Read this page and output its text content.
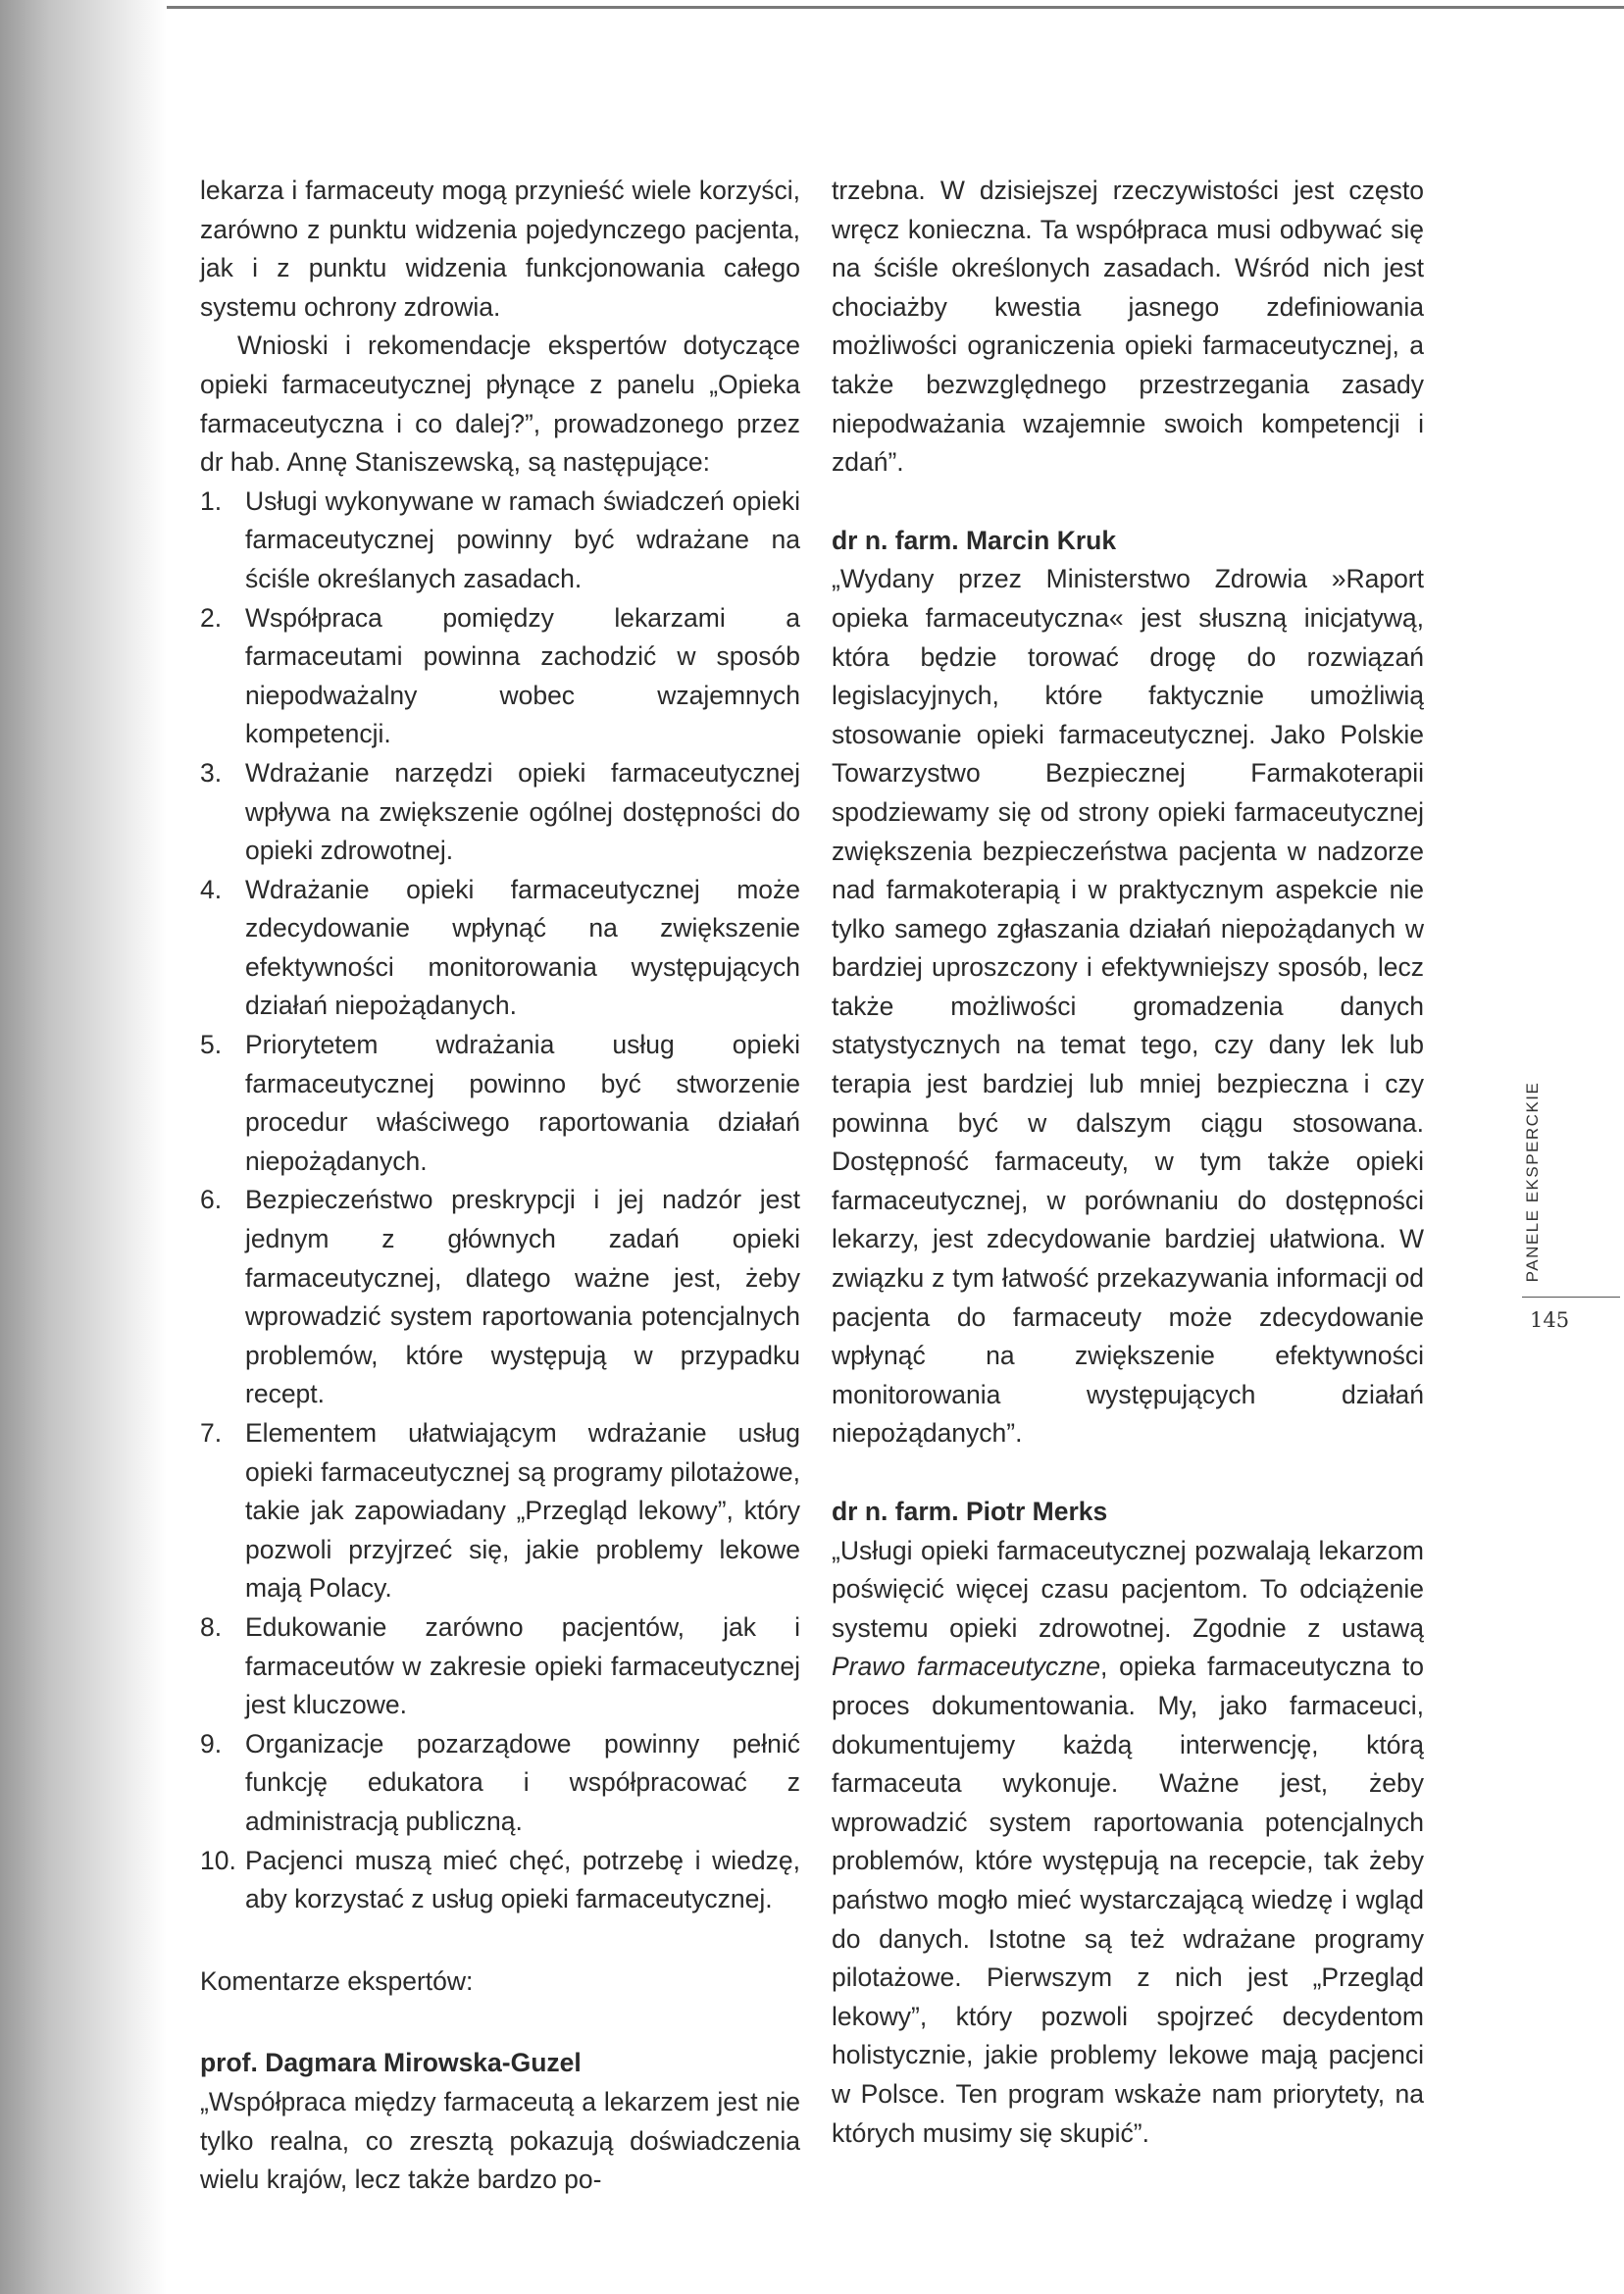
lekarza i farmaceuty mogą przynieść wiele korzyści, zarówno z punktu widzenia pojedynczego pacjenta, jak i z punktu widzenia funkcjonowania całego systemu ochrony zdrowia.

Wnioski i rekomendacje ekspertów dotyczące opieki farmaceutycznej płynące z panelu „Opieka farmaceutyczna i co dalej?”, prowadzonego przez dr hab. Annę Staniszewską, są następujące:

1. Usługi wykonywane w ramach świadczeń opieki farmaceutycznej powinny być wdrażane na ściśle określanych zasadach.
2. Współpraca pomiędzy lekarzami a farmaceutami powinna zachodzić w sposób niepodważalny wobec wzajemnych kompetencji.
3. Wdrażanie narzędzi opieki farmaceutycznej wpływa na zwiększenie ogólnej dostępności do opieki zdrowotnej.
4. Wdrażanie opieki farmaceutycznej może zdecydowanie wpłynąć na zwiększenie efektywności monitorowania występujących działań niepożądanych.
5. Priorytetem wdrażania usług opieki farmaceutycznej powinno być stworzenie procedur właściwego raportowania działań niepożądanych.
6. Bezpieczeństwo preskrypcji i jej nadzór jest jednym z głównych zadań opieki farmaceutycznej, dlatego ważne jest, żeby wprowadzić system raportowania potencjalnych problemów, które występują w przypadku recept.
7. Elementem ułatwiającym wdrażanie usług opieki farmaceutycznej są programy pilotażowe, takie jak zapowiadany „Przegląd lekowy”, który pozwoli przyjrzeć się, jakie problemy lekowe mają Polacy.
8. Edukowanie zarówno pacjentów, jak i farmaceutów w zakresie opieki farmaceutycznej jest kluczowe.
9. Organizacje pozarządowe powinny pełnić funkcję edukatora i współpracować z administracją publiczną.
10. Pacjenci muszą mieć chęć, potrzebę i wiedzę, aby korzystać z usług opieki farmaceutycznej.

Komentarze ekspertów:

prof. Dagmara Mirowska-Guzel

„Współpraca między farmaceutą a lekarzem jest nie tylko realna, co zresztą pokazują doświadczenia wielu krajów, lecz także bardzo po-

trzebna. W dzisiejszej rzeczywistości jest często wręcz konieczna. Ta współpraca musi odbywać się na ściśle określonych zasadach. Wśród nich jest chociażby kwestia jasnego zdefiniowania możliwości ograniczenia opieki farmaceutycznej, a także bezwzględnego przestrzegania zasady niepodważania wzajemnie swoich kompetencji i zdań”.

dr n. farm. Marcin Kruk

„Wydany przez Ministerstwo Zdrowia »Raport opieka farmaceutyczna« jest słuszną inicjatywą, która będzie torować drogę do rozwiązań legislacyjnych, które faktycznie umożliwią stosowanie opieki farmaceutycznej. Jako Polskie Towarzystwo Bezpiecznej Farmakoterapii spodziewamy się od strony opieki farmaceutycznej zwiększenia bezpieczeństwa pacjenta w nadzorze nad farmakoterapią i w praktycznym aspekcie nie tylko samego zgłaszania działań niepożądanych w bardziej uproszczony i efektywniejszy sposób, lecz także możliwości gromadzenia danych statystycznych na temat tego, czy dany lek lub terapia jest bardziej lub mniej bezpieczna i czy powinna być w dalszym ciągu stosowana. Dostępność farmaceuty, w tym także opieki farmaceutycznej, w porównaniu do dostępności lekarzy, jest zdecydowanie bardziej ułatwiona. W związku z tym łatwość przekazywania informacji od pacjenta do farmaceuty może zdecydowanie wpłynąć na zwiększenie efektywności monitorowania występujących działań niepożądanych”.

dr n. farm. Piotr Merks

„Usługi opieki farmaceutycznej pozwalają lekarzom poświęcić więcej czasu pacjentom. To odciążenie systemu opieki zdrowotnej. Zgodnie z ustawą Prawo farmaceutyczne, opieka farmaceutyczna to proces dokumentowania. My, jako farmaceuci, dokumentujemy każdą interwencję, którą farmaceuta wykonuje. Ważne jest, żeby wprowadzić system raportowania potencjalnych problemów, które występują na recepcie, tak żeby państwo mogło mieć wystarczającą wiedzę i wgląd do danych. Istotne są też wdrażane programy pilotażowe. Pierwszym z nich jest „Przegląd lekowy”, który pozwoli spojrzeć decydentom holistycznie, jakie problemy lekowe mają pacjenci w Polsce. Ten program wskaże nam priorytety, na których musimy się skupić”.

PANELE EKSPERCKIE
145
